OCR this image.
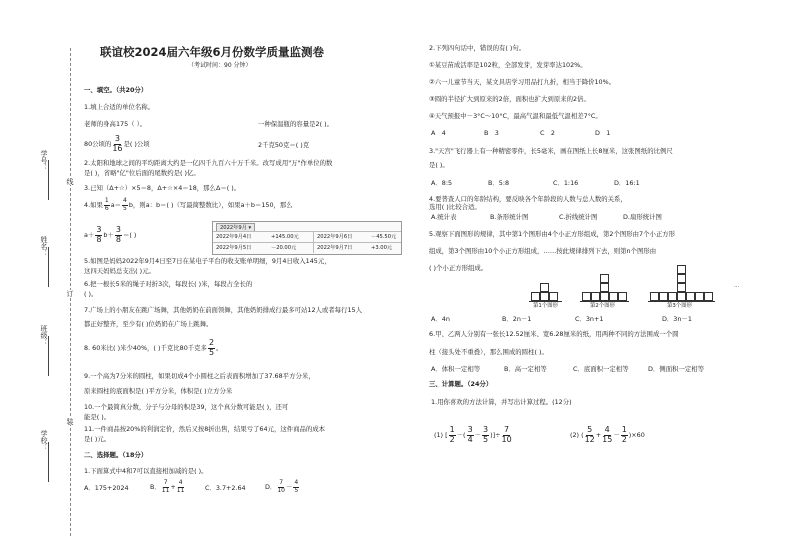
学号：
姓名：
班级：
学校：
线
订
装
联谊校2024届六年级6月份数学质量监测卷
（考试时间：90 分钟）
一、填空。（共20分）
1.填上合适的单位名称。
老师的身高175（ ）。	一种保温瓶的容量是2( )。
80公顷的 $\frac{3}{16}$ 是( )公顷	2千克50克＝( )克
2.太阳和地球之间的平均距离大约是一亿四千九百六十万千米。改写成用"万"作单位的数
是( )，省略"亿"位后面的尾数约是( )亿。
3.已知（Δ+☆）×5＝8，Δ+☆×4＝18，那么Δ＝( )。
4.如果 $\frac{1}{6} a= \frac{4}{5}$ b，则a：b＝( )（写最简整数比），如果a＋b＝150，那么
$a+ \frac{3}{8} b+ \frac{3}{8}$ ＝( )
2022年9月 ▾
2022年9月4日	+145.00元	2022年9月6日	－45.50元
2022年9月5日	－20.00元	2022年9月7日	+3.00元
5.如图是妈妈2022年9月4日至7日在某电子平台的收支账单明细，9月4日收入145元，
这四天妈妈总支出( )元。
6.把一根长5米的绳子对折3次，每段长( )米，每段占全长的
( )。
7.广场上的小朋友在跳广场舞，其他奶奶在前面领舞，其他奶奶排成行最多可站12人或者每行15人
都正好整齐，至少有( )位奶奶在广场上跳舞。
8. 60米比( )米少40%，( )千克比80千克多 $\frac{2}{5}$ 。
9.一个高为7分米的圆柱，如果切成4个小圆柱之后表面积增加了37.68平方分米，
原来圆柱的底面积是( )平方分米，体积是( )立方分米
10.一个最简真分数，分子与分母的积是39，这个真分数可能是( )，还可
能是( )。
11.一件商品按20%的利润定价，然后又按8折出售，结果亏了64元，这件商品的成本
是( )元。
二、选择题。（18分）
1.下面算式中4和7可以直接相加减的是( )。
A．175+2024	B． $\frac{7}{11} + \frac{4}{11}$	C．3.7+2.64	D． $\frac{7}{10} - \frac{4}{5}$
2.下列四句话中，错误的有( )句。
①某豆苗成活率是102粒，全部发芽，发芽率达102%。
②六一儿童节当天，某文具店学习用品打九折，相当于降价10%。
③圆的半径扩大到原来的2倍，面积也扩大到原来的2倍。
④天气预报中－3°C～10°C，最高气温和最低气温相差7°C。
A　4	B　3	C　2	D　1
3."天宫"飞行器上有一种精密零件，长5毫米，画在图纸上长8厘米，这张图纸的比例尺
是( )。
A．8:5	B．5:8	C．1:16	D．16:1
4.要普查人口的年龄结构，要反映各个年龄段的人数与总人数的关系，
选用( )比较合适。
A.统计表	B.条形统计图	C.折线统计图	D.扇形统计图
5.观察下面图形的规律，其中第1个图形由4个小正方形组成，第2个图形由7个小正方形
组成，第3个图形由10个小正方形组成，……按此规律排列下去，则第n个图形由
( )个小正方形组成。
第1个图形	第2个图形	第3个图形
…
A．4n	B．2n－1	C．3n+1	D．3n－1
6.甲、乙两人分别有一张长12.52厘米、宽6.28厘米的纸，用两种不同的方法围成一个圆
柱（接头处不重叠），那么围成的圆柱( )。
A．体积一定相等	B．高一定相等	C．底面积一定相等	D．侧面积一定相等
三、计算题。（24分）
1.用你喜欢的方法计算，并写出计算过程。(12分)
(1) [ $\frac{1}{2}$ －( $\frac{3}{4} - \frac{3}{5}$ )]÷ $\frac{7}{10}$	(2) ( $\frac{5}{12} + \frac{4}{15} - \frac{1}{2} )\times 60$
